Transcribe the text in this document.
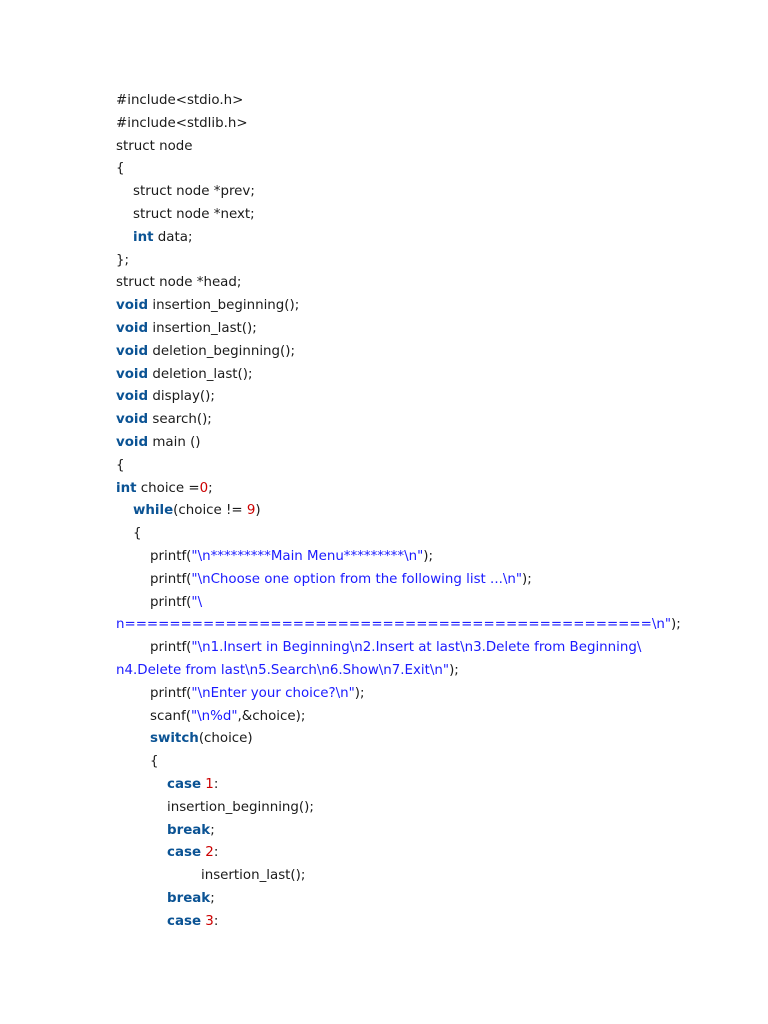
#include<stdio.h>
#include<stdlib.h>
struct node
{
struct node *prev;
struct node *next;
int data;
};
struct node *head;
void insertion_beginning();
void insertion_last();
void deletion_beginning();
void deletion_last();
void display();
void search();
void main ()
{
int choice =0;
while(choice != 9)
{
printf("\n*********Main Menu*********\n");
printf("\nChoose one option from the following list ...\n");
printf("\
n===============================================\n");
printf("\n1.Insert in Beginning\n2.Insert at last\n3.Delete from Beginning\
n4.Delete from last\n5.Search\n6.Show\n7.Exit\n");
printf("\nEnter your choice?\n");
scanf("\n%d",&choice);
switch(choice)
{
case 1:
insertion_beginning();
break;
case 2:
insertion_last();
break;
case 3:
